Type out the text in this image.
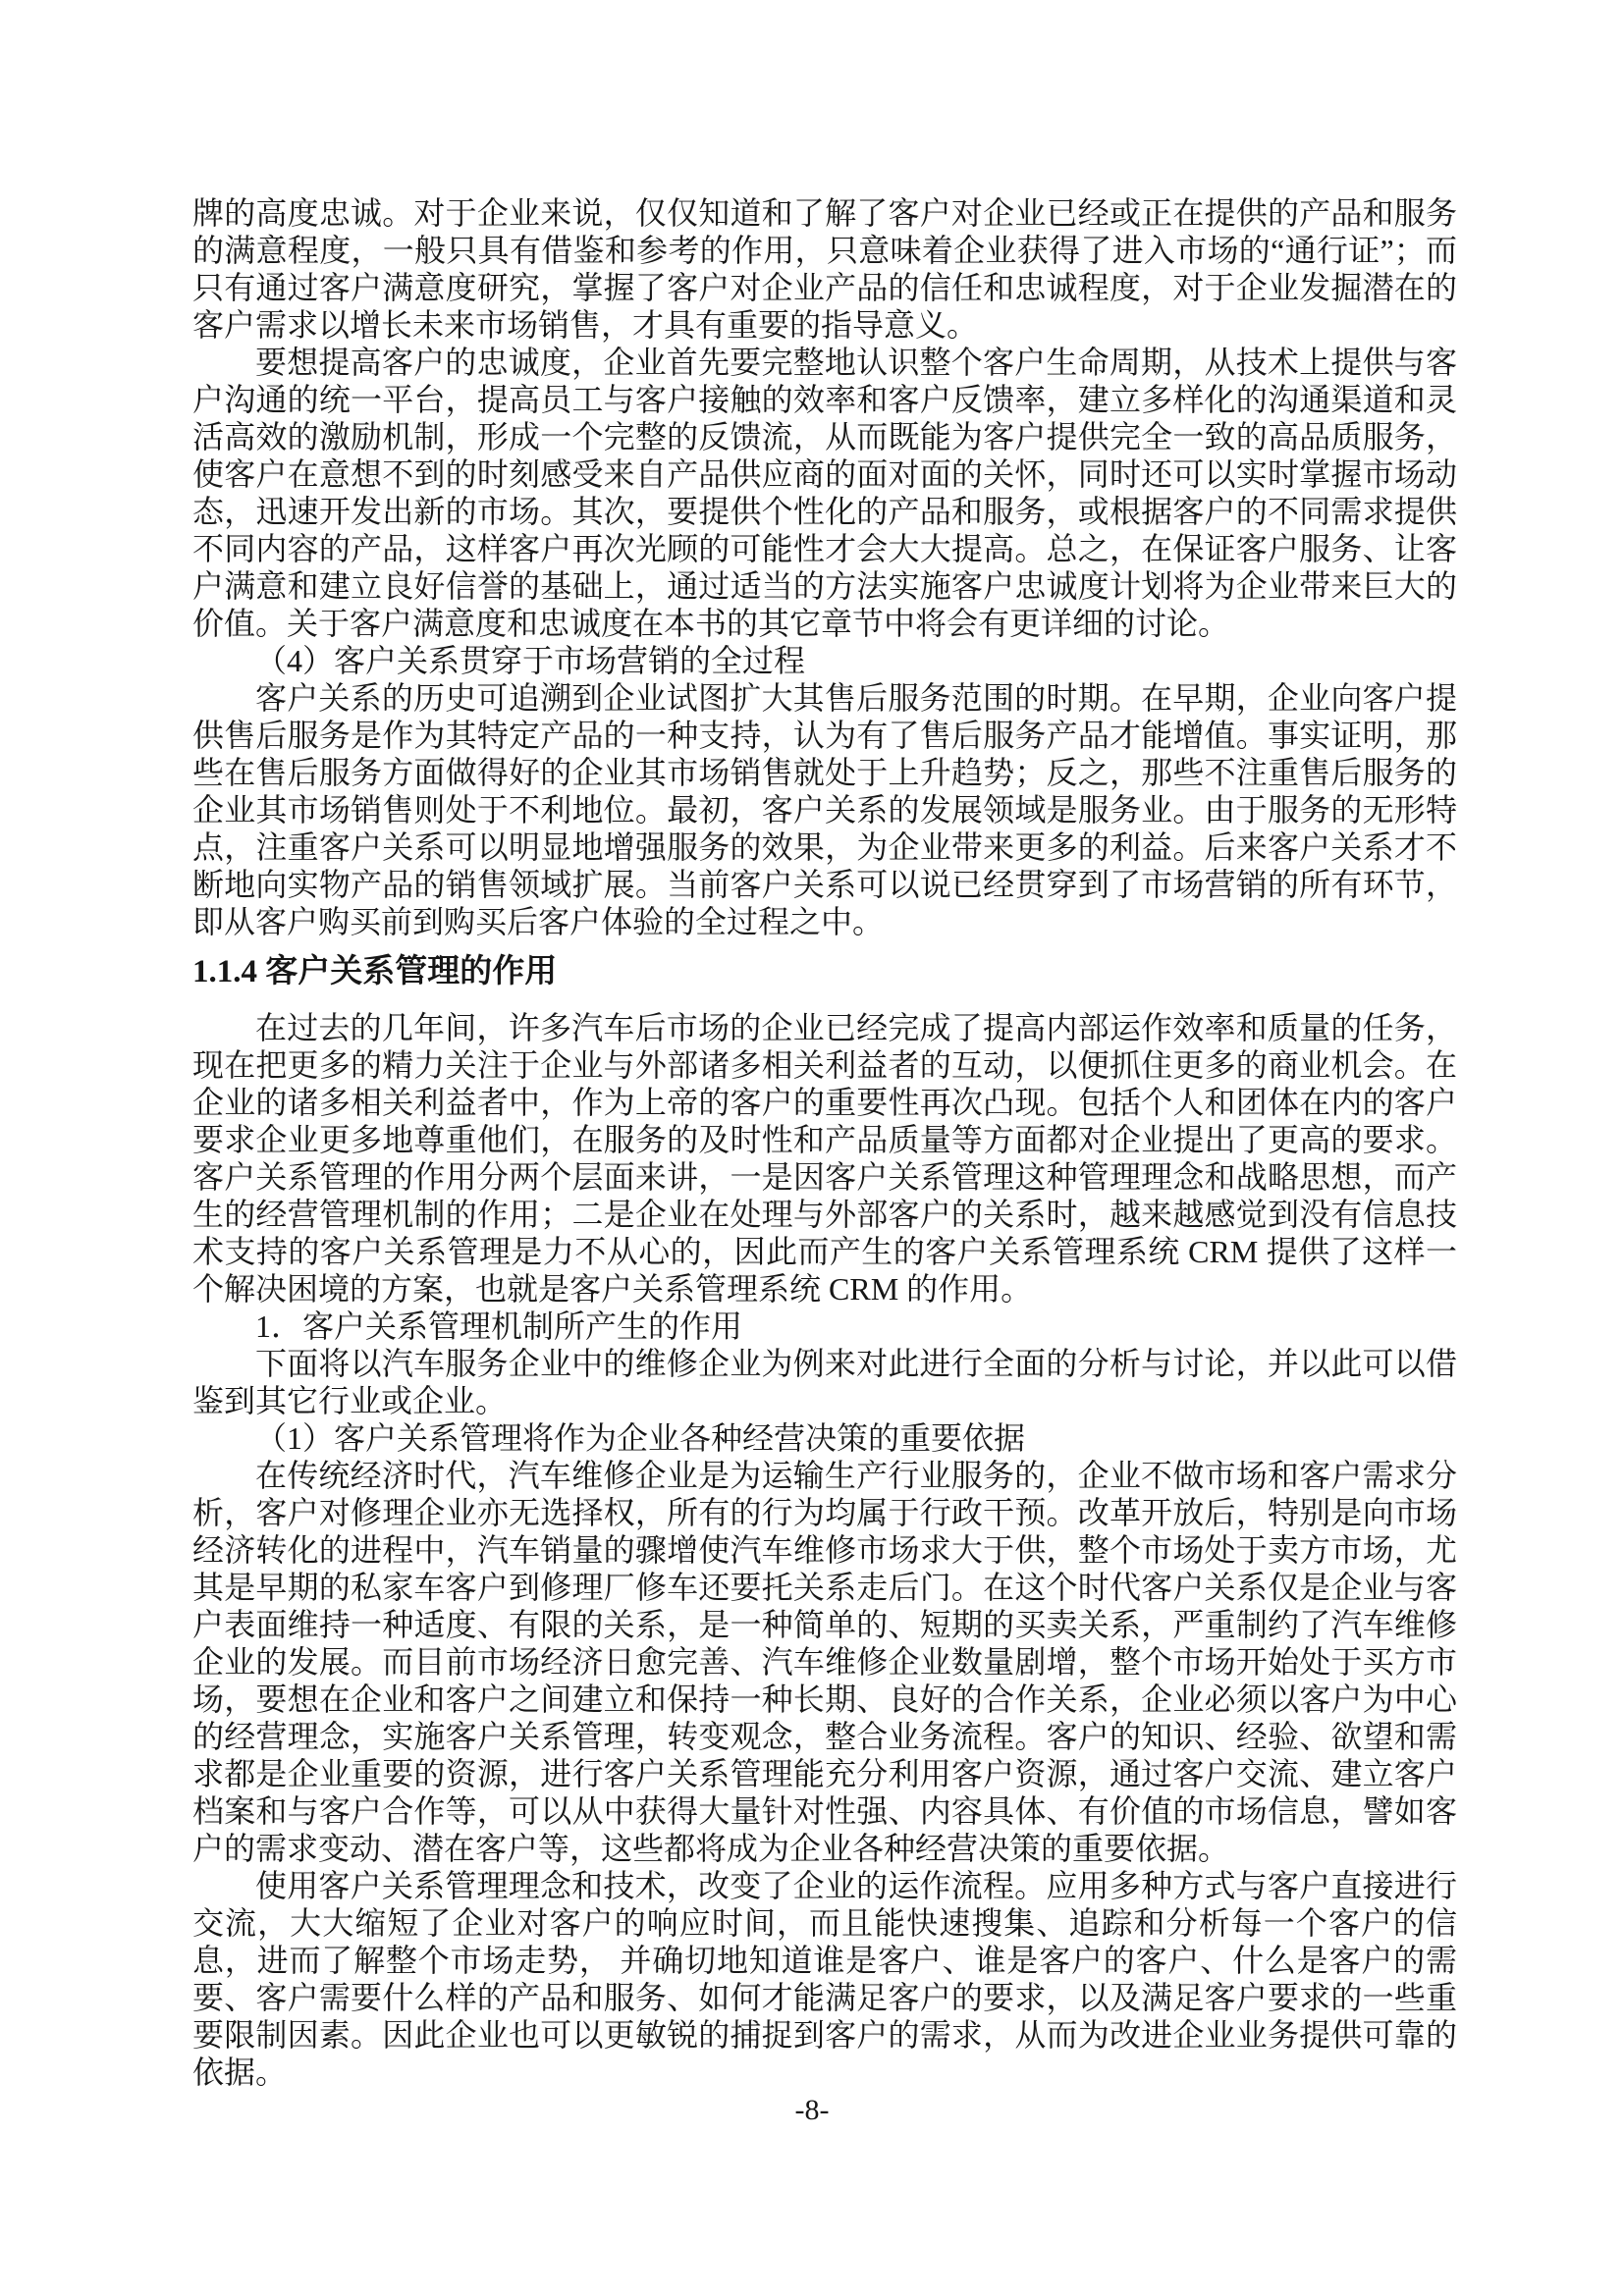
牌的高度忠诚。对于企业来说，仅仅知道和了解了客户对企业已经或正在提供的产品和服务的满意程度，一般只具有借鉴和参考的作用，只意味着企业获得了进入市场的“通行证”；而只有通过客户满意度研究，掌握了客户对企业产品的信任和忠诚程度，对于企业发掘潜在的客户需求以增长未来市场销售，才具有重要的指导意义。

要想提高客户的忠诚度，企业首先要完整地认识整个客户生命周期，从技术上提供与客户沟通的统一平台，提高员工与客户接触的效率和客户反馈率，建立多样化的沟通渠道和灵活高效的激励机制，形成一个完整的反馈流，从而既能为客户提供完全一致的高品质服务，使客户在意想不到的时刻感受来自产品供应商的面对面的关怀，同时还可以实时掌握市场动态，迅速开发出新的市场。其次，要提供个性化的产品和服务，或根据客户的不同需求提供不同内容的产品，这样客户再次光顾的可能性才会大大提高。总之，在保证客户服务、让客户满意和建立良好信誉的基础上，通过适当的方法实施客户忠诚度计划将为企业带来巨大的价值。关于客户满意度和忠诚度在本书的其它章节中将会有更详细的讨论。

（4）客户关系贯穿于市场营销的全过程

客户关系的历史可追溯到企业试图扩大其售后服务范围的时期。在早期，企业向客户提供售后服务是作为其特定产品的一种支持，认为有了售后服务产品才能增值。事实证明，那些在售后服务方面做得好的企业其市场销售就处于上升趋势；反之，那些不注重售后服务的企业其市场销售则处于不利地位。最初，客户关系的发展领域是服务业。由于服务的无形特点，注重客户关系可以明显地增强服务的效果，为企业带来更多的利益。后来客户关系才不断地向实物产品的销售领域扩展。当前客户关系可以说已经贯穿到了市场营销的所有环节，即从客户购买前到购买后客户体验的全过程之中。

1.1.4 客户关系管理的作用

在过去的几年间，许多汽车后市场的企业已经完成了提高内部运作效率和质量的任务，现在把更多的精力关注于企业与外部诸多相关利益者的互动，以便抓住更多的商业机会。在企业的诸多相关利益者中，作为上帝的客户的重要性再次凸现。包括个人和团体在内的客户要求企业更多地尊重他们，在服务的及时性和产品质量等方面都对企业提出了更高的要求。客户关系管理的作用分两个层面来讲，一是因客户关系管理这种管理理念和战略思想，而产生的经营管理机制的作用；二是企业在处理与外部客户的关系时，越来越感觉到没有信息技术支持的客户关系管理是力不从心的，因此而产生的客户关系管理系统 CRM 提供了这样一个解决困境的方案，也就是客户关系管理系统 CRM 的作用。

1．客户关系管理机制所产生的作用

下面将以汽车服务企业中的维修企业为例来对此进行全面的分析与讨论，并以此可以借鉴到其它行业或企业。

（1）客户关系管理将作为企业各种经营决策的重要依据

在传统经济时代，汽车维修企业是为运输生产行业服务的，企业不做市场和客户需求分析，客户对修理企业亦无选择权，所有的行为均属于行政干预。改革开放后，特别是向市场经济转化的进程中，汽车销量的骤增使汽车维修市场求大于供，整个市场处于卖方市场，尤其是早期的私家车客户到修理厂修车还要托关系走后门。在这个时代客户关系仅是企业与客户表面维持一种适度、有限的关系，是一种简单的、短期的买卖关系，严重制约了汽车维修企业的发展。而目前市场经济日愈完善、汽车维修企业数量剧增，整个市场开始处于买方市场，要想在企业和客户之间建立和保持一种长期、良好的合作关系，企业必须以客户为中心的经营理念，实施客户关系管理，转变观念，整合业务流程。客户的知识、经验、欲望和需求都是企业重要的资源，进行客户关系管理能充分利用客户资源，通过客户交流、建立客户档案和与客户合作等，可以从中获得大量针对性强、内容具体、有价值的市场信息，譬如客户的需求变动、潜在客户等，这些都将成为企业各种经营决策的重要依据。

使用客户关系管理理念和技术，改变了企业的运作流程。应用多种方式与客户直接进行交流，大大缩短了企业对客户的响应时间，而且能快速搜集、追踪和分析每一个客户的信息，进而了解整个市场走势， 并确切地知道谁是客户、谁是客户的客户、什么是客户的需要、客户需要什么样的产品和服务、如何才能满足客户的要求，以及满足客户要求的一些重要限制因素。因此企业也可以更敏锐的捕捉到客户的需求，从而为改进企业业务提供可靠的依据。

-8-
